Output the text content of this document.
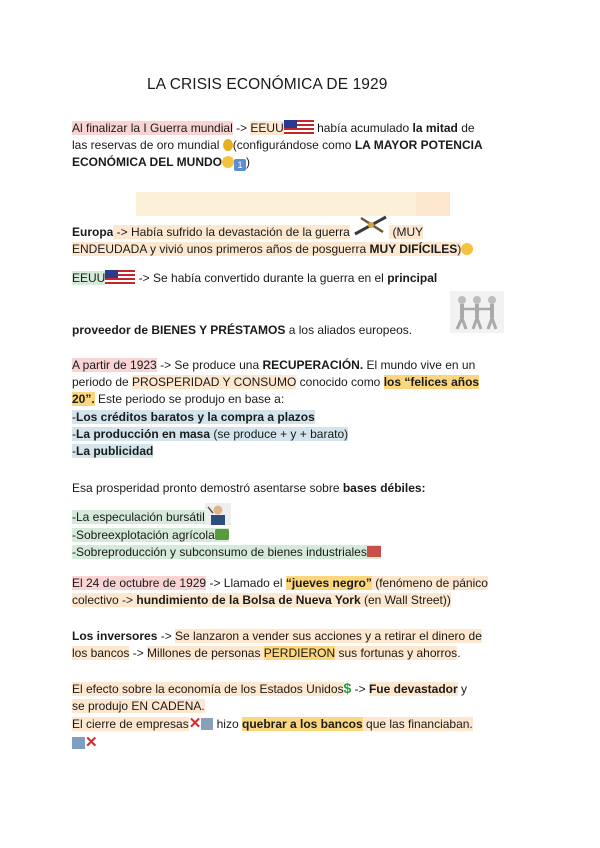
LA CRISIS ECONÓMICA DE 1929
Al finalizar la I Guerra mundial -> EEUU	había acumulado la mitad de
las reservas de oro mundial (configurándose como LA MAYOR POTENCIA
ECONÓMICA DEL MUNDO 1 )
Europa -> Había sufrido la devastación de la guerra	(MUY
ENDEUDADA y vivió unos primeros años de posguerra MUY DIFÍCILES)
EEUU	-> Se había convertido durante la guerra en el principal
proveedor de BIENES Y PRÉSTAMOS a los aliados europeos.
A partir de 1923 -> Se produce una RECUPERACIÓN. El mundo vive en un
periodo de PROSPERIDAD Y CONSUMO conocido como los “felices años
20”. Este periodo se produjo en base a:
-Los créditos baratos y la compra a plazos
-La producción en masa (se produce + y + barato)
-La publicidad
Esa prosperidad pronto demostró asentarse sobre bases débiles:
-La especulación bursátil
-Sobreexplotación agrícola
-Sobreproducción y subconsumo de bienes industriales
El 24 de octubre de 1929 -> Llamado el “jueves negro” (fenómeno de pánico
colectivo -> hundimiento de la Bolsa de Nueva York (en Wall Street))
Los inversores -> Se lanzaron a vender sus acciones y a retirar el dinero de
los bancos -> Millones de personas PERDIERON sus fortunas y ahorros.
El efecto sobre la economía de los Estados Unidos$ -> Fue devastador y
se produjo EN CADENA.
El cierre de empresas✕ hizo quebrar a los bancos que las financiaban.
✕
